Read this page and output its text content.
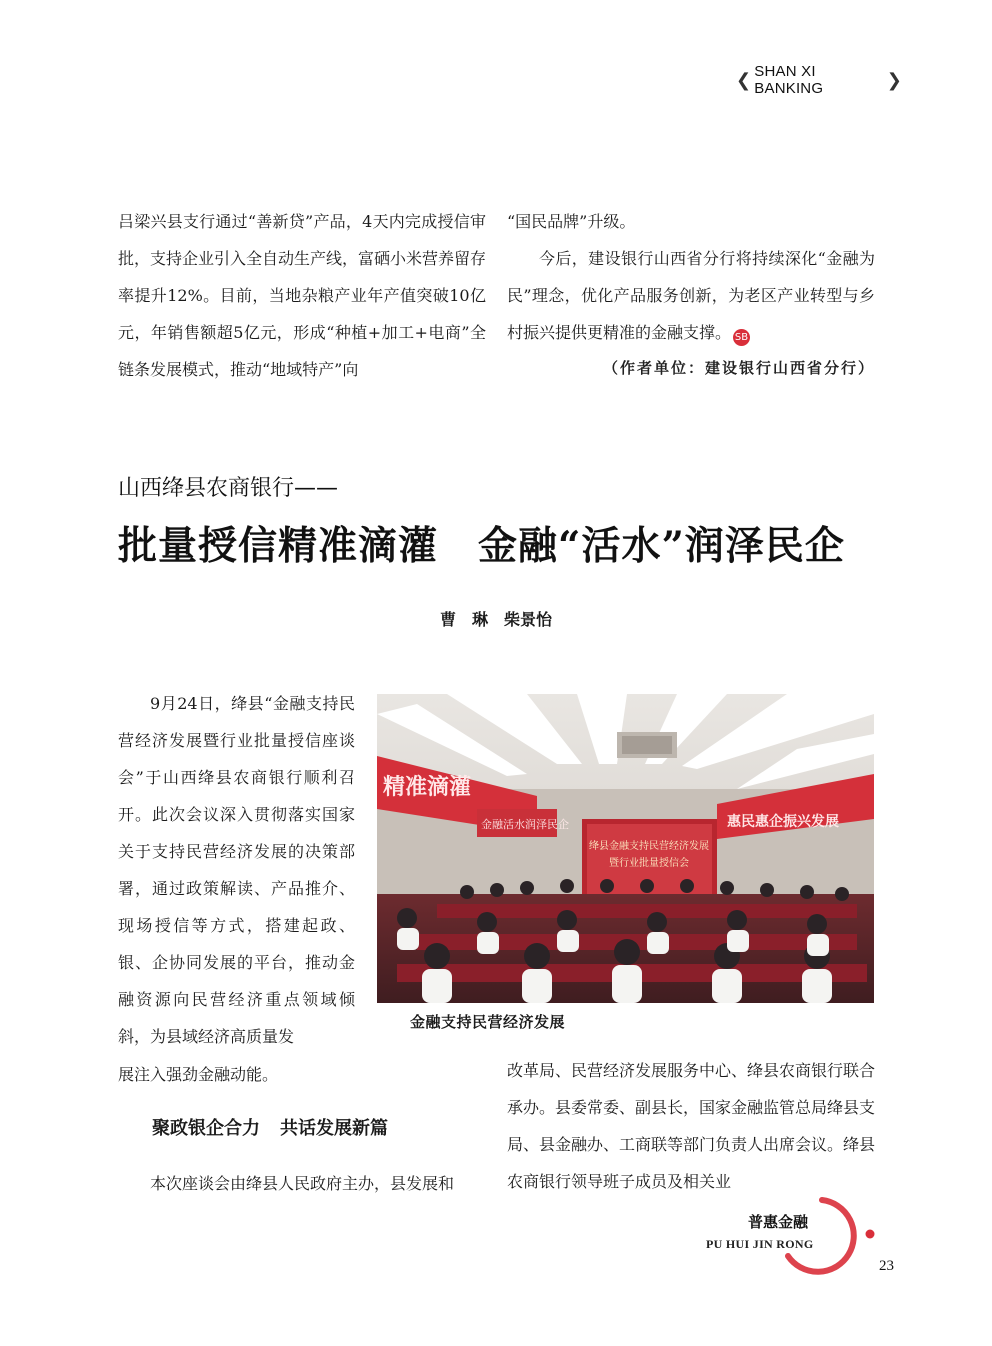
❮ SHAN XI BANKING	❯

吕梁兴县支行通过“善新贷”产品，4天内完成授信审批，支持企业引入全自动生产线，富硒小米营养留存率提升12%。目前，当地杂粮产业年产值突破10亿元，年销售额超5亿元，形成“种植+加工+电商”全链条发展模式，推动“地域特产”向

“国民品牌”升级。

今后，建设银行山西省分行将持续深化“金融为民”理念，优化产品服务创新，为老区产业转型与乡村振兴提供更精准的金融支撑。 SB

（作者单位：建设银行山西省分行）
山西绛县农商银行——
批量授信精准滴灌 金融“活水”润泽民企
曹　琳　柴景怡
9月24日，绛县“金融支持民营经济发展暨行业批量授信座谈会”于山西绛县农商银行顺利召开。此次会议深入贯彻落实国家关于支持民营经济发展的决策部署，通过政策解读、产品推介、现场授信等方式，搭建起政、银、企协同发展的平台，推动金融资源向民营经济重点领域倾斜，为县域经济高质量发
展注入强劲金融动能。	改革局、民营经济发展服务中心、绛县农商银行联合承办。县委常委、副县长，国家金融监管总局绛县支局、县金融办、工商联等部门负责人出席会议。绛县农商银行领导班子成员及相关业
聚政银企合力 共话发展新篇
本次座谈会由绛县人民政府主办，县发展和
精准滴灌
惠民惠企振兴发展
金融活水润泽民企
绛县金融支持民营经济发展
暨行业批量授信会
金融支持民营经济发展
普惠金融
PU HUI JIN RONG
23
